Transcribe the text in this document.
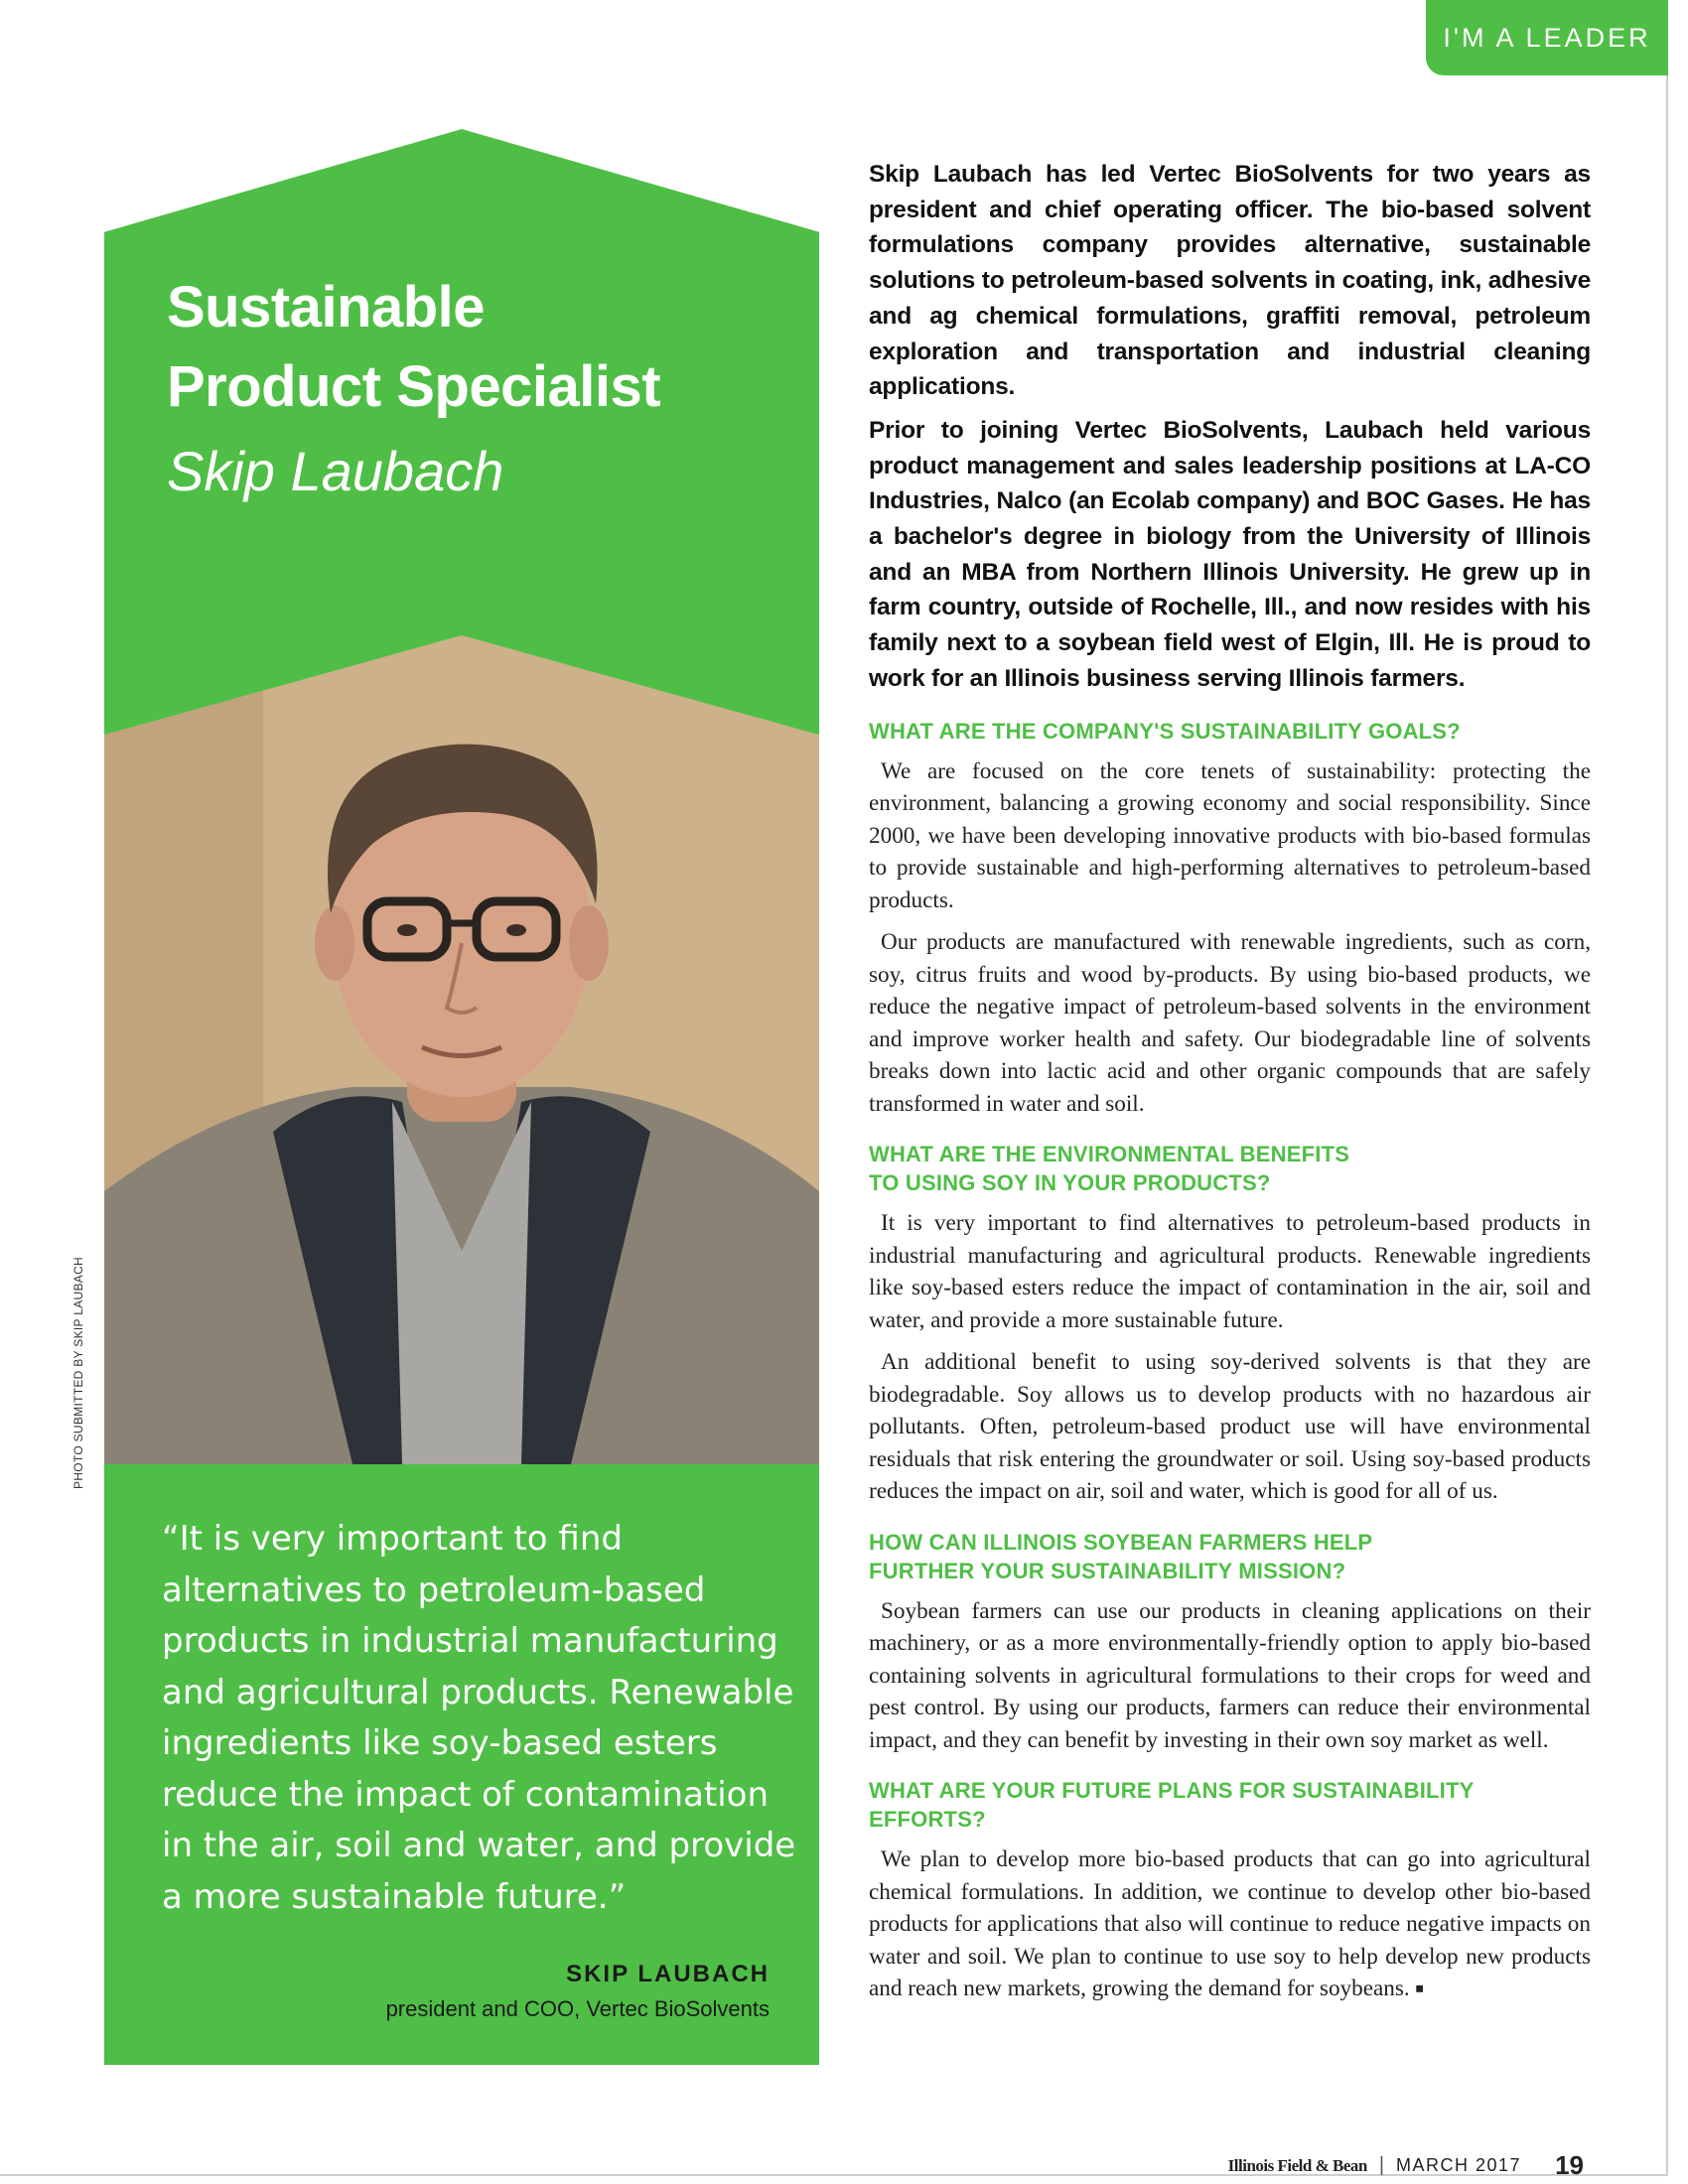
I'M A LEADER
Sustainable
Product Specialist
Skip Laubach
PHOTO SUBMITTED BY SKIP LAUBACH

“It is very important to find alternatives to petroleum-based products in industrial manufacturing and agricultural products. Renewable ingredients like soy-based esters reduce the impact of contamination in the air, soil and water, and provide a more sustainable future.”

SKIP LAUBACH

president and COO, Vertec BioSolvents

Skip Laubach has led Vertec BioSolvents for two years as president and chief operating officer. The bio-based solvent formulations company provides alternative, sustainable solutions to petroleum-based solvents in coating, ink, adhesive and ag chemical formulations, graffiti removal, petroleum exploration and transportation and industrial cleaning applications.

Prior to joining Vertec BioSolvents, Laubach held various product management and sales leadership positions at LA-CO Industries, Nalco (an Ecolab company) and BOC Gases. He has a bachelor's degree in biology from the University of Illinois and an MBA from Northern Illinois University. He grew up in farm country, outside of Rochelle, Ill., and now resides with his family next to a soybean field west of Elgin, Ill. He is proud to work for an Illinois business serving Illinois farmers.

WHAT ARE THE COMPANY'S SUSTAINABILITY GOALS?

We are focused on the core tenets of sustainability: protecting the environment, balancing a growing economy and social responsibility. Since 2000, we have been developing innovative products with bio-based formulas to provide sustainable and high-performing alternatives to petroleum-based products.

Our products are manufactured with renewable ingredients, such as corn, soy, citrus fruits and wood by-products. By using bio-based products, we reduce the negative impact of petroleum-based solvents in the environment and improve worker health and safety. Our biodegradable line of solvents breaks down into lactic acid and other organic compounds that are safely transformed in water and soil.

WHAT ARE THE ENVIRONMENTAL BENEFITS
TO USING SOY IN YOUR PRODUCTS?

It is very important to find alternatives to petroleum-based products in industrial manufacturing and agricultural products. Renewable ingredients like soy-based esters reduce the impact of contamination in the air, soil and water, and provide a more sustainable future.

An additional benefit to using soy-derived solvents is that they are biodegradable. Soy allows us to develop products with no hazardous air pollutants. Often, petroleum-based product use will have environmental residuals that risk entering the groundwater or soil. Using soy-based products reduces the impact on air, soil and water, which is good for all of us.

HOW CAN ILLINOIS SOYBEAN FARMERS HELP
FURTHER YOUR SUSTAINABILITY MISSION?

Soybean farmers can use our products in cleaning applications on their machinery, or as a more environmentally-friendly option to apply bio-based containing solvents in agricultural formulations to their crops for weed and pest control. By using our products, farmers can reduce their environmental impact, and they can benefit by investing in their own soy market as well.

WHAT ARE YOUR FUTURE PLANS FOR SUSTAINABILITY EFFORTS?

We plan to develop more bio-based products that can go into agricultural chemical formulations. In addition, we continue to develop other bio-based products for applications that also will continue to reduce negative impacts on water and soil. We plan to continue to use soy to help develop new products and reach new markets, growing the demand for soybeans. ■

Illinois Field & Bean | MARCH 2017 19
